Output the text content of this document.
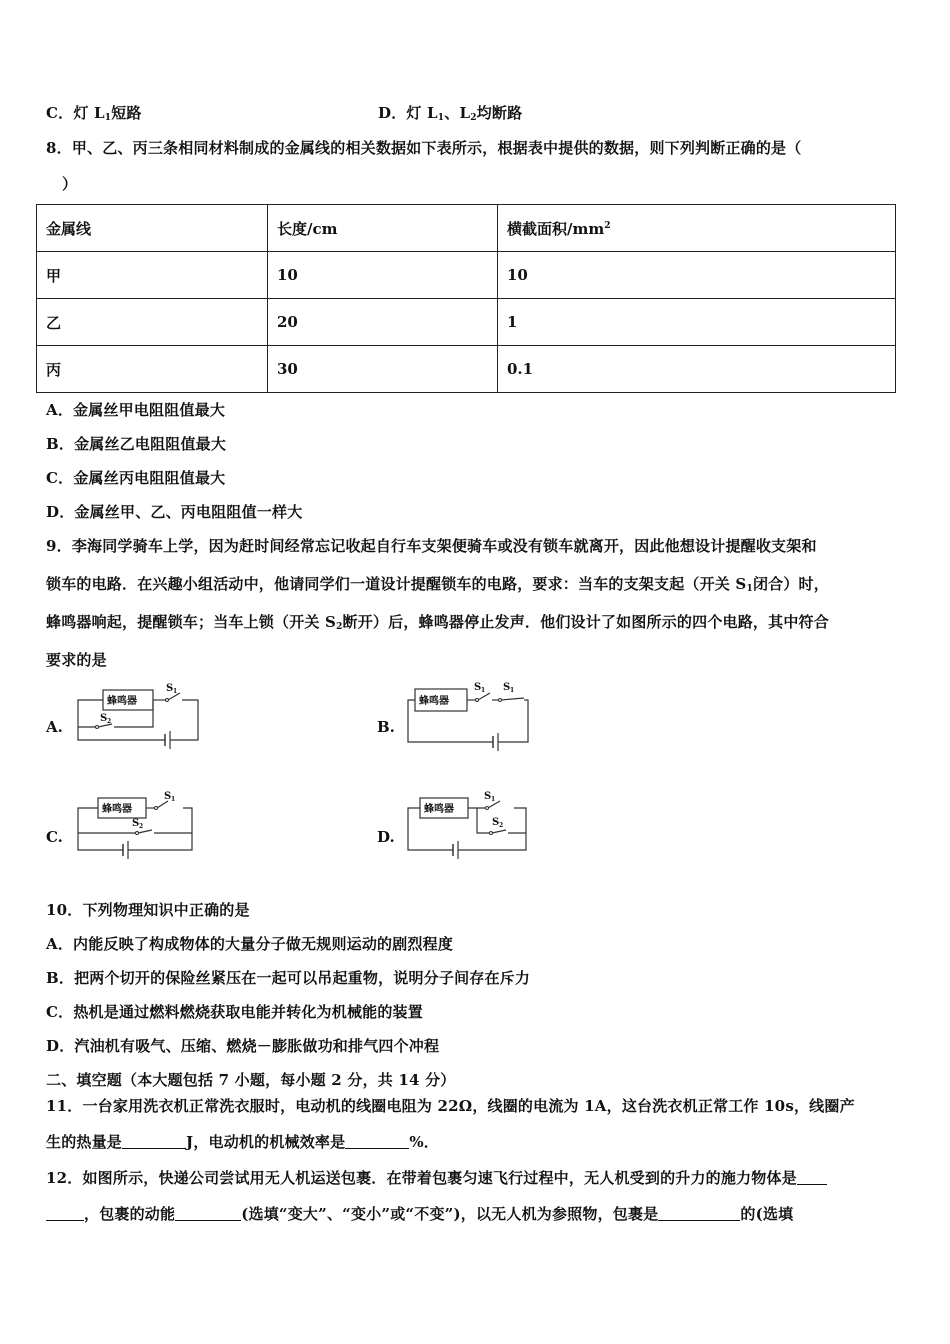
C．灯 $L_1$短路	D．灯 $L_1$、$L_2$均断路
8．甲、乙、丙三条相同材料制成的金属线的相关数据如下表所示，根据表中提供的数据，则下列判断正确的是（
）
金属线	长度/cm	横截面积$/mm^2$
甲	10	10
乙	20	1
丙	30	0.1
A．金属丝甲电阻阻值最大
B．金属丝乙电阻阻值最大
C．金属丝丙电阻阻值最大
D．金属丝甲、乙、丙电阻阻值一样大
9．李海同学骑车上学，因为赶时间经常忘记收起自行车支架便骑车或没有锁车就离开，因此他想设计提醒收支架和
锁车的电路．在兴趣小组活动中，他请同学们一道设计提醒锁车的电路，要求：当车的支架支起（开关 $S_1$闭合）时，
蜂鸣器响起，提醒锁车；当车上锁（开关 $S_2$断开）后，蜂鸣器停止发声．他们设计了如图所示的四个电路，其中符合
要求的是
A.
蜂鸣器
S 1
S 2	B.
蜂鸣器
S 1 S 1
C.
蜂鸣器
S 1
S 2
D.
蜂鸣器
S 1
S 2
10．下列物理知识中正确的是
A．内能反映了构成物体的大量分子做无规则运动的剧烈程度
B．把两个切开的保险丝紧压在一起可以吊起重物，说明分子间存在斥力
C．热机是通过燃料燃烧获取电能并转化为机械能的装置
D．汽油机有吸气、压缩、燃烧－膨胀做功和排气四个冲程
二、填空题（本大题包括 7 小题，每小题 2 分，共 14 分）
11．一台家用洗衣机正常洗衣服时，电动机的线圈电阻为 22Ω，线圈的电流为 1A，这台洗衣机正常工作 10s，线圈产
生的热量是	J，电动机的机械效率是	%．
12．如图所示，快递公司尝试用无人机运送包裹．在带着包裹匀速飞行过程中，无人机受到的升力的施力物体是
，包裹的动能	(选填“变大”、“变小”或“不变”)，以无人机为参照物，包裹是	的(选填
